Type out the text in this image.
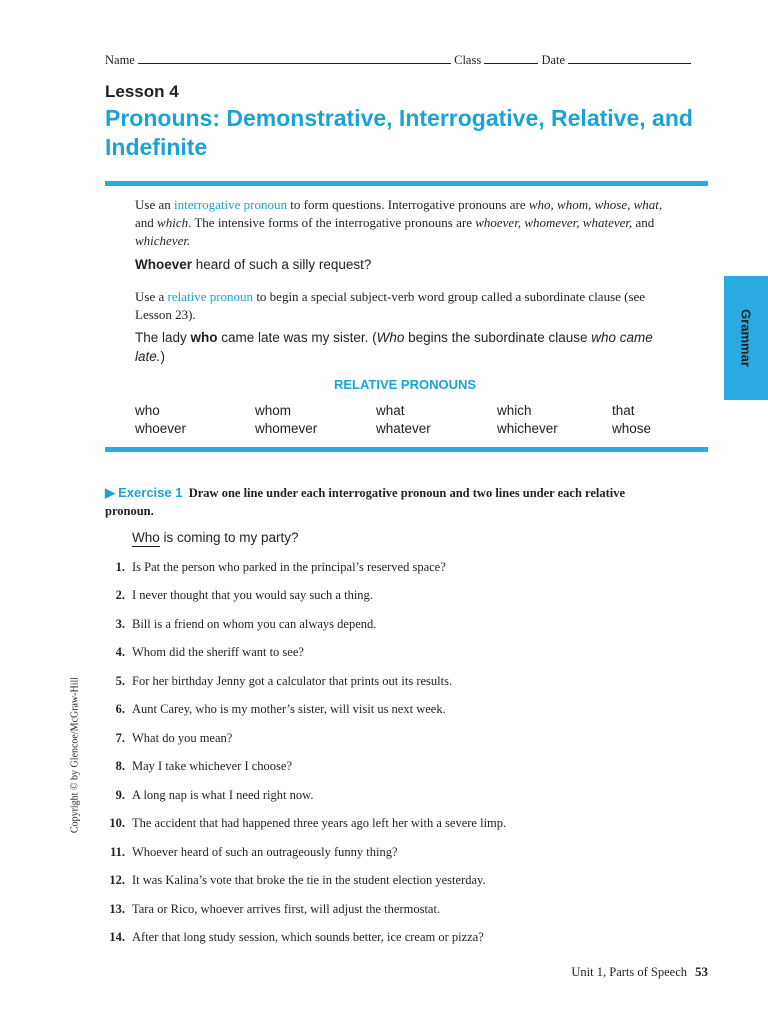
Name	Class	Date
Lesson 4
Pronouns: Demonstrative, Interrogative, Relative, and Indefinite
Use an interrogative pronoun to form questions. Interrogative pronouns are who, whom, whose, what, and which. The intensive forms of the interrogative pronouns are whoever, whomever, whatever, and whichever.
Whoever heard of such a silly request?
Use a relative pronoun to begin a special subject-verb word group called a subordinate clause (see Lesson 23).
The lady who came late was my sister. (Who begins the subordinate clause who came late.)
RELATIVE PRONOUNS
who	whom	what	which	that
whoever	whomever	whatever	whichever	whose
Grammar
▶ Exercise 1 Draw one line under each interrogative pronoun and two lines under each relative pronoun.
Who is coming to my party?
1. Is Pat the person who parked in the principal’s reserved space?
2. I never thought that you would say such a thing.
3. Bill is a friend on whom you can always depend.
4. Whom did the sheriff want to see?
5. For her birthday Jenny got a calculator that prints out its results.
6. Aunt Carey, who is my mother’s sister, will visit us next week.
7. What do you mean?
8. May I take whichever I choose?
9. A long nap is what I need right now.
10. The accident that had happened three years ago left her with a severe limp.
11. Whoever heard of such an outrageously funny thing?
12. It was Kalina’s vote that broke the tie in the student election yesterday.
13. Tara or Rico, whoever arrives first, will adjust the thermostat.
14. After that long study session, which sounds better, ice cream or pizza?
Copyright © by Glencoe/McGraw-Hill
Unit 1, Parts of Speech 53
